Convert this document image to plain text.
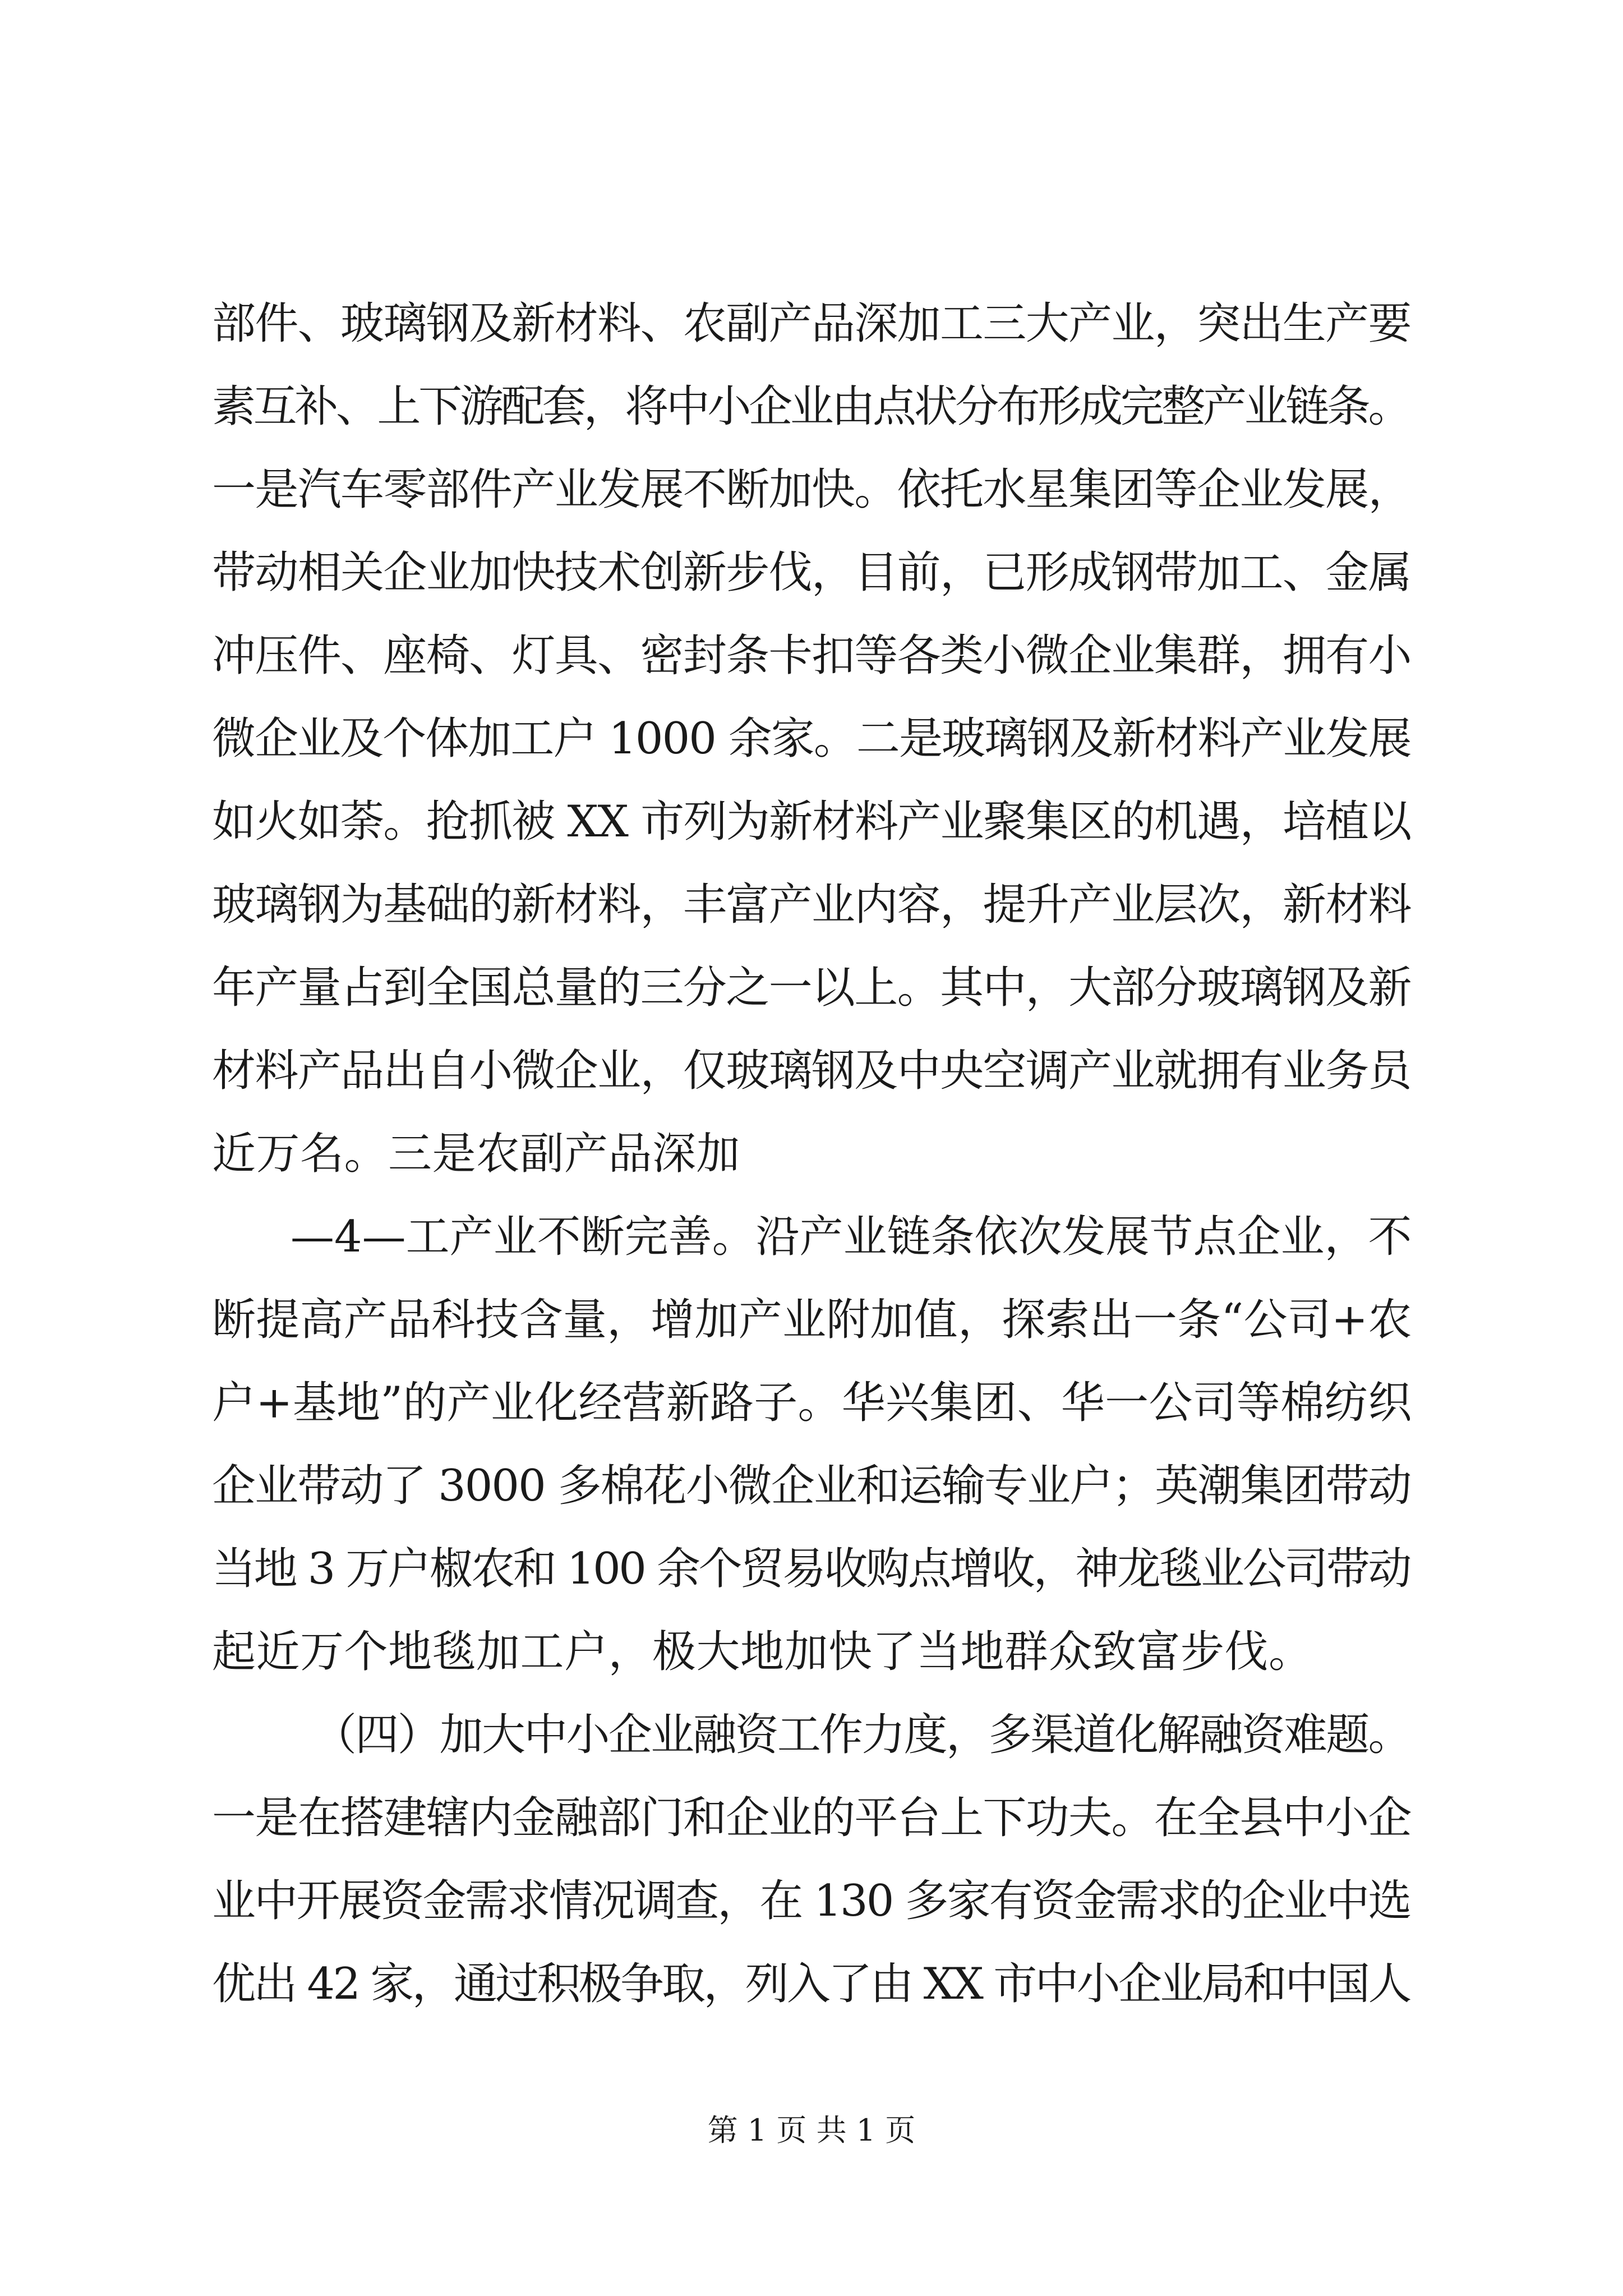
部件、玻璃钢及新材料、农副产品深加工三大产业，突出生产要
素互补、上下游配套，将中小企业由点状分布形成完整产业链条。
一是汽车零部件产业发展不断加快。依托水星集团等企业发展，
带动相关企业加快技术创新步伐，目前，已形成钢带加工、金属
冲压件、座椅、灯具、密封条卡扣等各类小微企业集群，拥有小
微企业及个体加工户 1000 余家。二是玻璃钢及新材料产业发展
如火如荼。抢抓被 XX 市列为新材料产业聚集区的机遇，培植以
玻璃钢为基础的新材料，丰富产业内容，提升产业层次，新材料
年产量占到全国总量的三分之一以上。其中，大部分玻璃钢及新
材料产品出自小微企业，仅玻璃钢及中央空调产业就拥有业务员
近万名。三是农副产品深加
—4—工产业不断完善。沿产业链条依次发展节点企业，不
断提高产品科技含量，增加产业附加值，探索出一条“公司+农
户+基地”的产业化经营新路子。华兴集团、华一公司等棉纺织
企业带动了 3000 多棉花小微企业和运输专业户；英潮集团带动
当地 3 万户椒农和 100 余个贸易收购点增收，神龙毯业公司带动
起近万个地毯加工户，极大地加快了当地群众致富步伐。
（四）加大中小企业融资工作力度，多渠道化解融资难题。
一是在搭建辖内金融部门和企业的平台上下功夫。在全县中小企
业中开展资金需求情况调查，在 130 多家有资金需求的企业中选
优出 42 家，通过积极争取，列入了由 XX 市中小企业局和中国人
第 1 页 共 1 页
